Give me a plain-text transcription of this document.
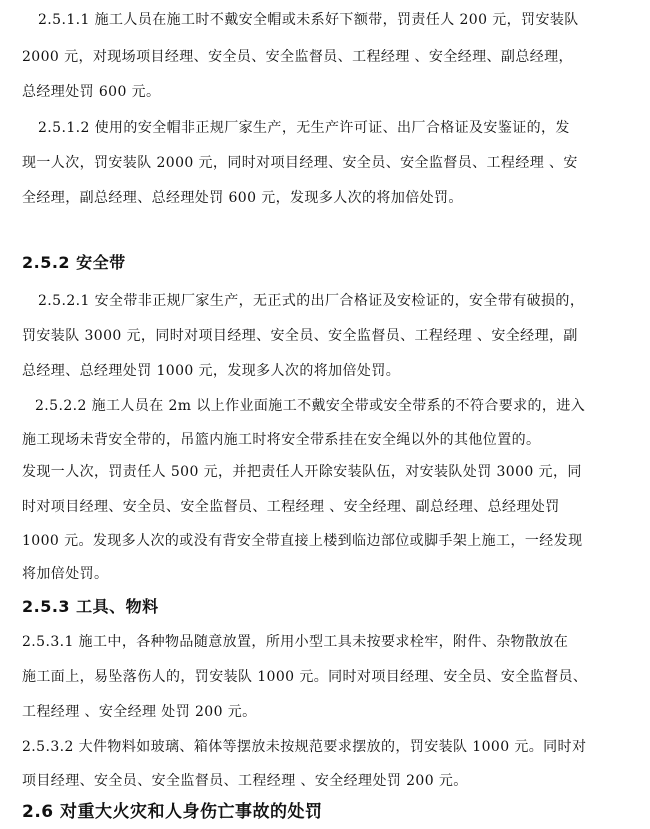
2.5.1.1 施工人员在施工时不戴安全帽或未系好下额带，罚责任人 200 元，罚安装队
2000 元，对现场项目经理、安全员、安全监督员、工程经理 、安全经理、副总经理，
总经理处罚 600 元。
2.5.1.2 使用的安全帽非正规厂家生产，无生产许可证、出厂合格证及安鉴证的，发
现一人次，罚安装队 2000 元，同时对项目经理、安全员、安全监督员、工程经理 、安
全经理，副总经理、总经理处罚 600 元，发现多人次的将加倍处罚。
2.5.2 安全带
2.5.2.1 安全带非正规厂家生产，无正式的出厂合格证及安检证的，安全带有破损的，
罚安装队 3000 元，同时对项目经理、安全员、安全监督员、工程经理 、安全经理，副
总经理、总经理处罚 1000 元，发现多人次的将加倍处罚。
2.5.2.2 施工人员在 2m 以上作业面施工不戴安全带或安全带系的不符合要求的，进入
施工现场未背安全带的，吊篮内施工时将安全带系挂在安全绳以外的其他位置的。
发现一人次，罚责任人 500 元，并把责任人开除安装队伍，对安装队处罚 3000 元，同
时对项目经理、安全员、安全监督员、工程经理 、安全经理、副总经理、总经理处罚
1000 元。发现多人次的或没有背安全带直接上楼到临边部位或脚手架上施工，一经发现
将加倍处罚。
2.5.3 工具、物料
2.5.3.1 施工中，各种物品随意放置，所用小型工具未按要求栓牢，附件、杂物散放在
施工面上，易坠落伤人的，罚安装队 1000 元。同时对项目经理、安全员、安全监督员、
工程经理 、安全经理 处罚 200 元。
2.5.3.2 大件物料如玻璃、箱体等摆放未按规范要求摆放的，罚安装队 1000 元。同时对
项目经理、安全员、安全监督员、工程经理 、安全经理处罚 200 元。
2.6 对重大火灾和人身伤亡事故的处罚
